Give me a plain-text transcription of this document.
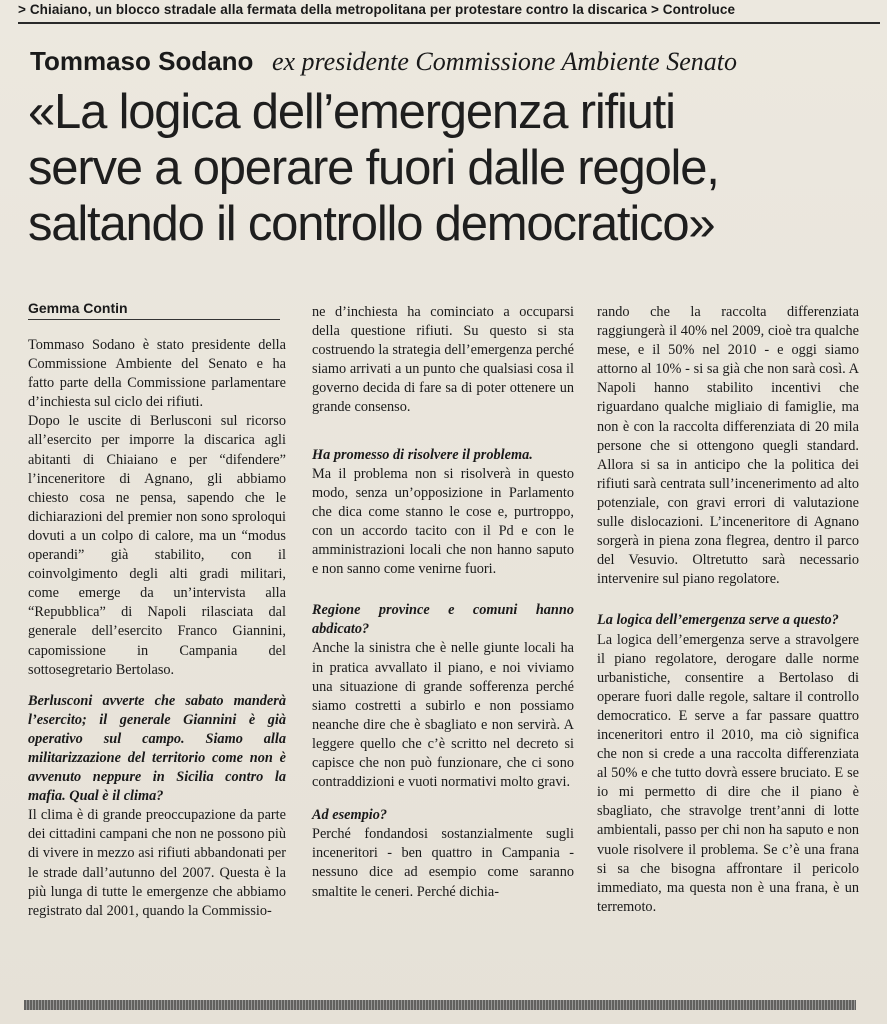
> Chiaiano, un blocco stradale alla fermata della metropolitana per protestare contro la discarica > Controluce
Tommaso Sodano ex presidente Commissione Ambiente Senato
«La logica dell’emergenza rifiuti
serve a operare fuori dalle regole,
saltando il controllo democratico»
Gemma Contin

Tommaso Sodano è stato presidente della Commissione Ambiente del Senato e ha fatto parte della Commissione parlamentare d’inchiesta sul ciclo dei rifiuti.

Dopo le uscite di Berlusconi sul ricorso all’esercito per imporre la discarica agli abitanti di Chiaiano e per “difendere” l’inceneritore di Agnano, gli abbiamo chiesto cosa ne pensa, sapendo che le dichiarazioni del premier non sono sproloqui dovuti a un colpo di calore, ma un “modus operandi” già stabilito, con il coinvolgimento degli alti gradi militari, come emerge da un’intervista alla “Repubblica” di Napoli rilasciata dal generale dell’esercito Franco Giannini, capomissione in Campania del sottosegretario Bertolaso.

Berlusconi avverte che sabato manderà l’esercito; il generale Giannini è già operativo sul campo. Siamo alla militarizzazione del territorio come non è avvenuto neppure in Sicilia contro la mafia. Qual è il clima?

Il clima è di grande preoccupazione da parte dei cittadini campani che non ne possono più di vivere in mezzo asi rifiuti abbandonati per le strade dall’autunno del 2007. Questa è la più lunga di tutte le emergenze che abbiamo registrato dal 2001, quando la Commissio-

ne d’inchiesta ha cominciato a occuparsi della questione rifiuti. Su questo si sta costruendo la strategia dell’emergenza perché siamo arrivati a un punto che qualsiasi cosa il governo decida di fare sa di poter ottenere un grande consenso.

Ha promesso di risolvere il problema.

Ma il problema non si risolverà in questo modo, senza un’opposizione in Parlamento che dica come stanno le cose e, purtroppo, con un accordo tacito con il Pd e con le amministrazioni locali che non hanno saputo e non sanno come venirne fuori.

Regione province e comuni hanno abdicato?

Anche la sinistra che è nelle giunte locali ha in pratica avvallato il piano, e noi viviamo una situazione di grande sofferenza perché siamo costretti a subirlo e non possiamo neanche dire che è sbagliato e non servirà. A leggere quello che c’è scritto nel decreto si capisce che non può funzionare, che ci sono contraddizioni e vuoti normativi molto gravi.

Ad esempio?

Perché fondandosi sostanzialmente sugli inceneritori - ben quattro in Campania - nessuno dice ad esempio come saranno smaltite le ceneri. Perché dichia-

rando che la raccolta differenziata raggiungerà il 40% nel 2009, cioè tra qualche mese, e il 50% nel 2010 - e oggi siamo attorno al 10% - si sa già che non sarà così. A Napoli hanno stabilito incentivi che riguardano qualche migliaio di famiglie, ma non è con la raccolta differenziata di 20 mila persone che si ottengono quegli standard. Allora si sa in anticipo che la politica dei rifiuti sarà centrata sull’incenerimento ad alto potenziale, con gravi errori di valutazione sulle dislocazioni. L’inceneritore di Agnano sorgerà in piena zona flegrea, dentro il parco del Vesuvio. Oltretutto sarà necessario intervenire sul piano regolatore.

La logica dell’emergenza serve a questo?

La logica dell’emergenza serve a stravolgere il piano regolatore, derogare dalle norme urbanistiche, consentire a Bertolaso di operare fuori dalle regole, saltare il controllo democratico. E serve a far passare quattro inceneritori entro il 2010, ma ciò significa che non si crede a una raccolta differenziata al 50% e che tutto dovrà essere bruciato. E se io mi permetto di dire che il piano è sbagliato, che stravolge trent’anni di lotte ambientali, passo per chi non ha saputo e non vuole risolvere il problema. Se c’è una frana si sa che bisogna affrontare il pericolo immediato, ma questa non è una frana, è un terremoto.
